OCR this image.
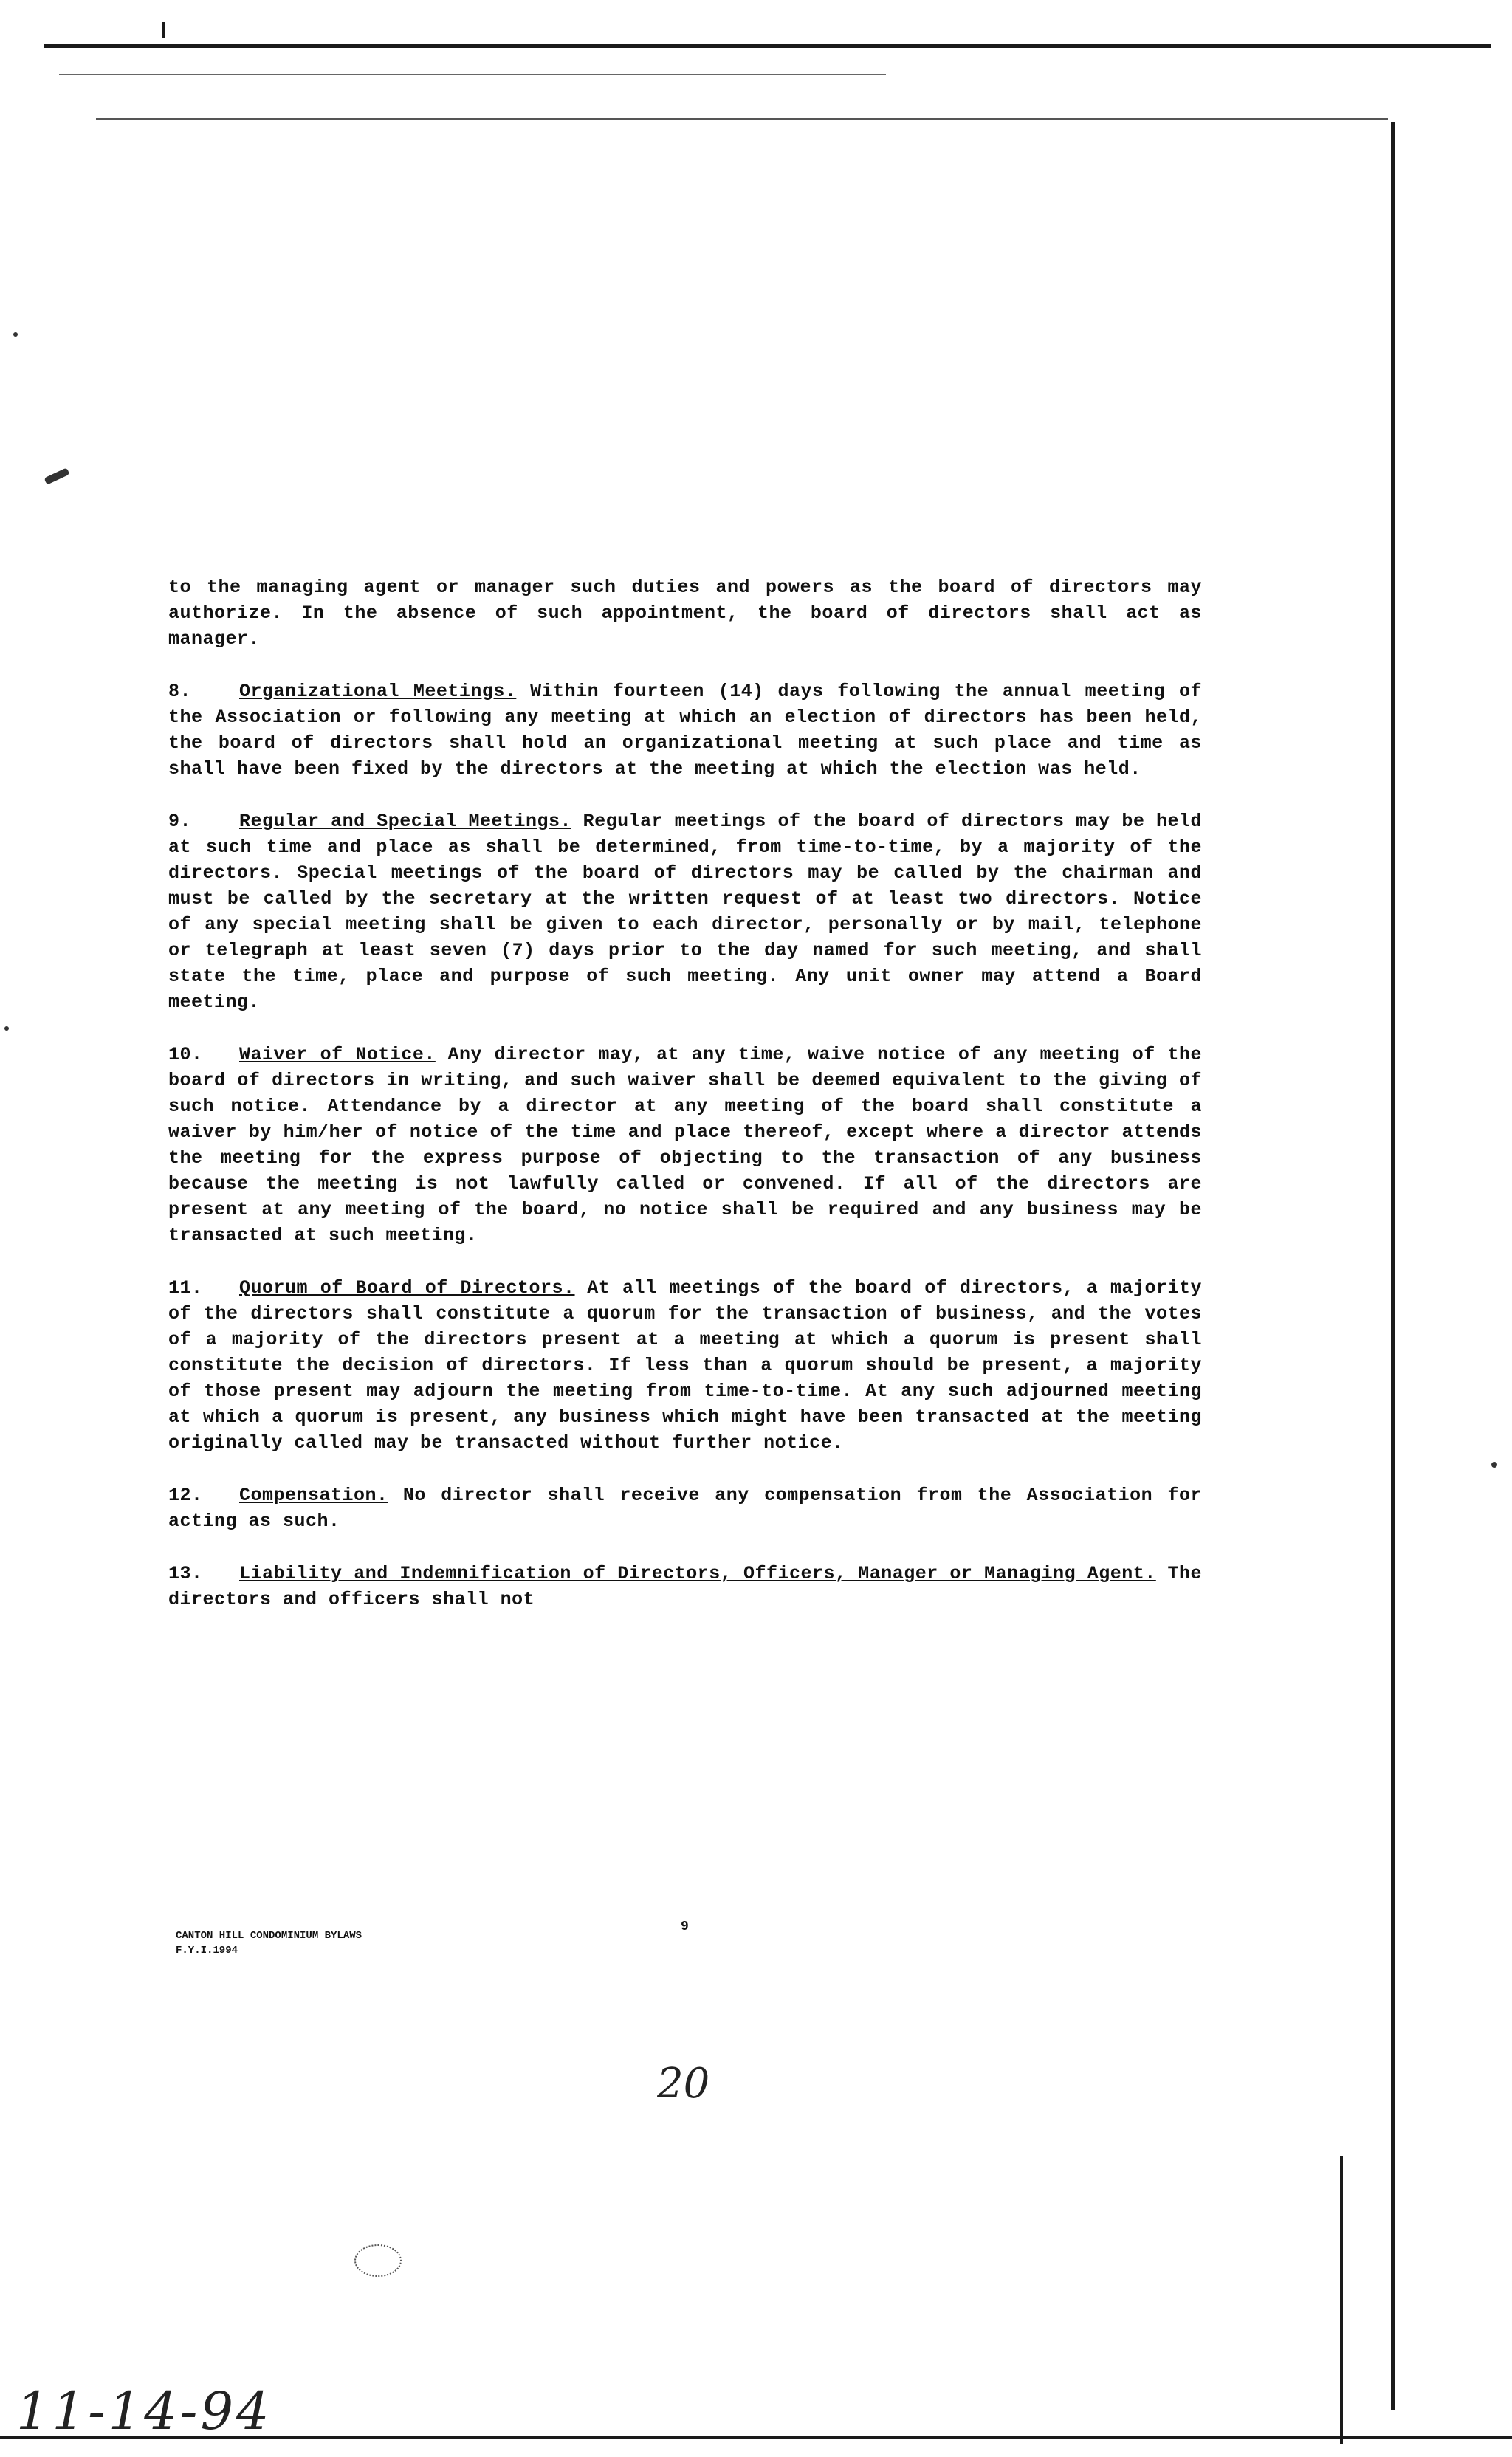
to the managing agent or manager such duties and powers as the board of directors may authorize. In the absence of such appointment, the board of directors shall act as manager.

8.	Organizational Meetings. Within fourteen (14) days following the annual meeting of the Association or following any meeting at which an election of directors has been held, the board of directors shall hold an organizational meeting at such place and time as shall have been fixed by the directors at the meeting at which the election was held.

9.	Regular and Special Meetings. Regular meetings of the board of directors may be held at such time and place as shall be determined, from time-to-time, by a majority of the directors. Special meetings of the board of directors may be called by the chairman and must be called by the secretary at the written request of at least two directors. Notice of any special meeting shall be given to each director, personally or by mail, telephone or telegraph at least seven (7) days prior to the day named for such meeting, and shall state the time, place and purpose of such meeting. Any unit owner may attend a Board meeting.

10. Waiver of Notice. Any director may, at any time, waive notice of any meeting of the board of directors in writing, and such waiver shall be deemed equivalent to the giving of such notice. Attendance by a director at any meeting of the board shall constitute a waiver by him/her of notice of the time and place thereof, except where a director attends the meeting for the express purpose of objecting to the transaction of any business because the meeting is not lawfully called or convened. If all of the directors are present at any meeting of the board, no notice shall be required and any business may be transacted at such meeting.

11. Quorum of Board of Directors. At all meetings of the board of directors, a majority of the directors shall constitute a quorum for the transaction of business, and the votes of a majority of the directors present at a meeting at which a quorum is present shall constitute the decision of directors. If less than a quorum should be present, a majority of those present may adjourn the meeting from time-to-time. At any such adjourned meeting at which a quorum is present, any business which might have been transacted at the meeting originally called may be transacted without further notice.

12. Compensation. No director shall receive any compensation from the Association for acting as such.

13. Liability and Indemnification of Directors, Officers, Manager or Managing Agent. The directors and officers shall not

CANTON HILL CONDOMINIUM BYLAWS
F.Y.I.1994
9
20
11-14-94
